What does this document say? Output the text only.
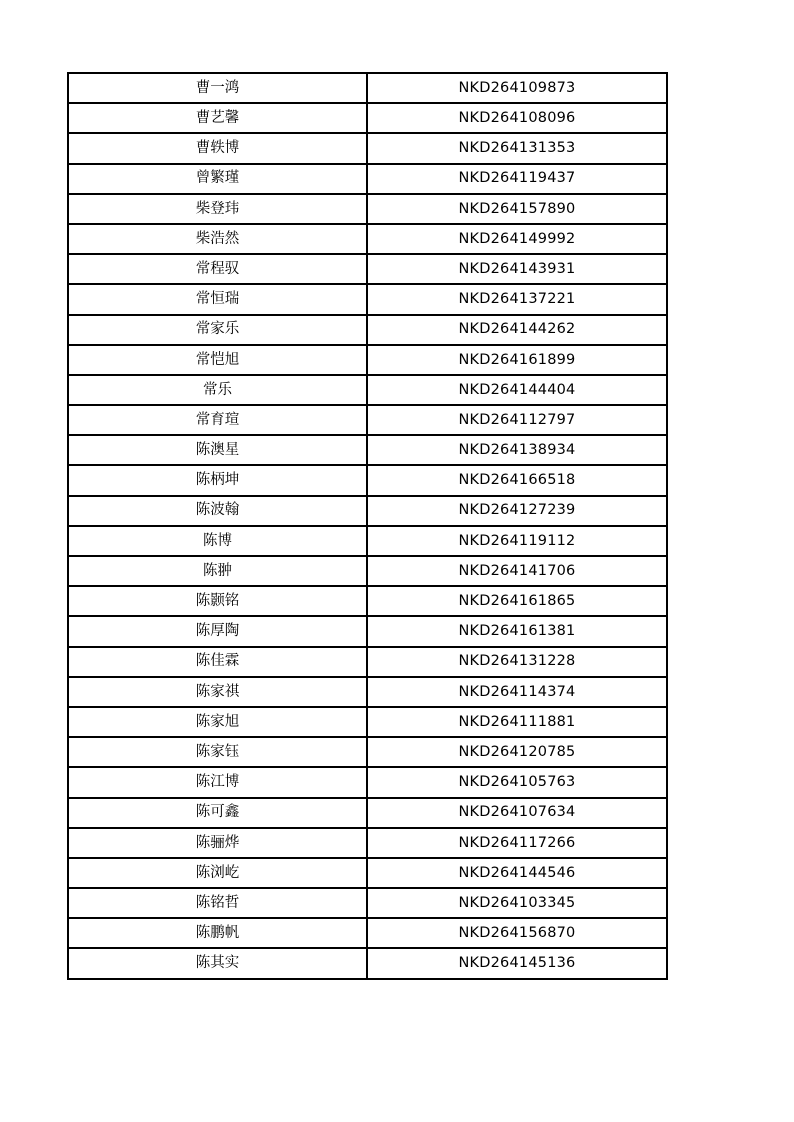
曹一鸿	NKD264109873
曹艺馨	NKD264108096
曹轶博	NKD264131353
曾繁瑾	NKD264119437
柴登玮	NKD264157890
柴浩然	NKD264149992
常程驭	NKD264143931
常恒瑞	NKD264137221
常家乐	NKD264144262
常恺旭	NKD264161899
常乐	NKD264144404
常育瑄	NKD264112797
陈澳星	NKD264138934
陈柄坤	NKD264166518
陈波翰	NKD264127239
陈博	NKD264119112
陈翀	NKD264141706
陈颢铭	NKD264161865
陈厚陶	NKD264161381
陈佳霖	NKD264131228
陈家祺	NKD264114374
陈家旭	NKD264111881
陈家钰	NKD264120785
陈江博	NKD264105763
陈可鑫	NKD264107634
陈骊烨	NKD264117266
陈浏屹	NKD264144546
陈铭哲	NKD264103345
陈鹏帆	NKD264156870
陈其实	NKD264145136
